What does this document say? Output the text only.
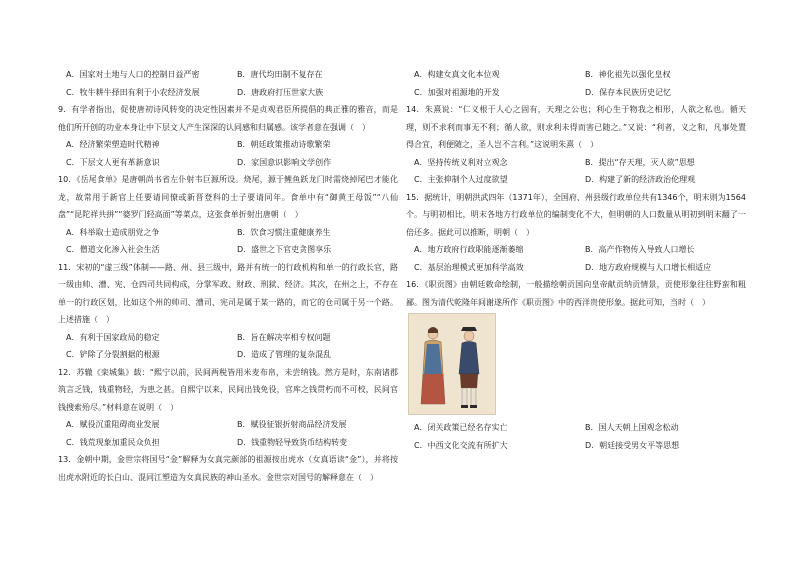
A．国家对土地与人口的控制日益严密	B．唐代均田制不复存在
C．牧牛耕牛择田有利于小农经济发展	D．唐政府打压世家大族
9．有学者指出，促使唐初诗风转变的决定性因素并不是贞观君臣所提倡的典正雅的雅音，而是他们所开创的功业本身让中下层文人产生深深的认同感和归属感。该学者意在强调（　）
A．经济繁荣塑造时代精神	B．朝廷政策推动诗歌繁荣
C．下层文人更有革新意识	D．家国意识影响文学创作
10．《岳尾食单》是唐朝尚书省左仆射韦巨源所设。烧尾，源于鲤鱼跃龙门时需烧掉尾巴才能化龙，故常用于新官上任要请同僚或新晋登科的士子要请同年。食单中有“御黄王母饭”“八仙盘”“昆陀祥共拼”“婆罗门轻高面”等菜点，这张食单折射出唐朝（　）
A．科举取士造成朋党之争	B．饮食习惯注重健康养生
C．僧道文化渗入社会生活	D．盛世之下官吏贪图享乐
11．宋初的“虚三级”体制——路、州、县三级中，路并有统一的行政机构和单一的行政长官，路一级由帅、漕、宪、仓四司共同构成，分掌军政、财政、刑狱、经济。其次，在州之上，不存在单一的行政区划，比如这个州的帅司、漕司、宪司是属于某一路的，而它的仓司属于另一个路。上述措施（　）
A．有利于国家政局的稳定	B．旨在解决宰相专权问题
C．铲除了分裂割据的根源	D．造成了管理的复杂混乱
12．苏辙《栾城集》载：“熙宁以前，民间两税皆用米麦布帛，未尝纳钱。然方是时，东南诸郡筑言乏钱，钱重物轻，为患之甚。自熙宁以来，民间出钱免役，官库之钱贯朽而不可校，民间官钱搜索殆尽。”材料意在说明（　）
A．赋役沉重阻碍商业发展	B．赋役征银折射商品经济发展
C．钱荒现象加重民众负担	D．钱重物轻导致货币结构转变
13．金朝中期，金世宗将国号“金”解释为女真完颜部的祖源按出虎水（女真语读“金”），并将按出虎水附近的长白山、混同江塑造为女真民族的神山圣水。金世宗对国号的解释意在（　）
A．构建女真文化本位观	B．神化祖先以强化皇权
C．加强对祖源地的开发	D．保存本民族历史记忆
14．朱熹说：“仁义根于人心之固有，天理之公也；利心生于物我之相形，人欲之私也。循天理，则不求利而事无不利；循人欲，则求利未得而害已随之。”又说：“利者，义之和，凡事处置得合宜，利便随之，圣人岂不言利。”这说明朱熹（　）
A．坚持传统义利对立观念	B．提出“存天理，灭人欲”思想
C．主张抑制个人过度欲望	D．构建了新的经济政治伦理观
15．据统计，明朝洪武四年（1371年），全国府、州县级行政单位共有1346个，明末则为1564个。与明初相比，明末各地方行政单位的编制变化不大，但明朝的人口数量从明初到明末翻了一倍还多。据此可以推断，明朝（　）
A．地方政府行政职能逐渐萎缩	B．高产作物传入导致人口增长
C．基层治理模式更加科学高效	D．地方政府规模与人口增长相适应
16．《职贡图》由朝廷敕命绘制，一般描绘朝贡国向皇帝献贡纳贡情景，贡使形象往往野蛮和粗鄙。图为清代乾隆年间谢遂所作《职贡图》中的西洋贵使形象。据此可知，当时（　）
A．闭关政策已经名存实亡	B．国人天朝上国观念松动
C．中西文化交流有所扩大	D．朝廷接受男女平等思想
